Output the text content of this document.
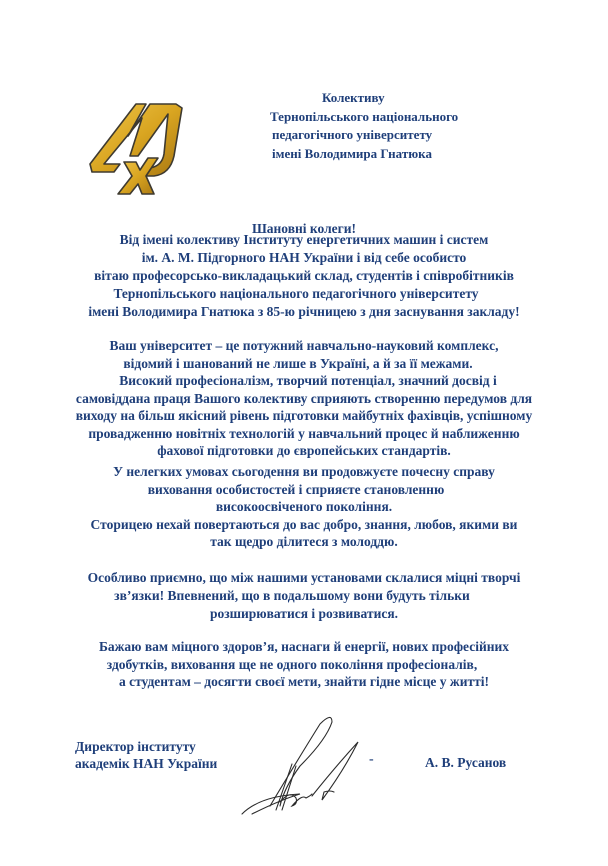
Колективу
Тернопільського національного
педагогічного університету
імені Володимира Гнатюка
Шановні колеги!
Від імені колективу Інституту енергетичних машин і систем
ім. А. М. Підгорного НАН України і від себе особисто
вітаю професорсько-викладацький склад, студентів і співробітників
Тернопільського національного педагогічного університету
імені Володимира Гнатюка з 85-ю річницею з дня заснування закладу!
Ваш університет – це потужний навчально-науковий комплекс,
відомий і шанований не лише в Україні, а й за її межами.
Високий професіоналізм, творчий потенціал, значний досвід і
самовіддана праця Вашого колективу сприяють створенню передумов для
виходу на більш якісний рівень підготовки майбутніх фахівців, успішному
провадженню новітніх технологій у навчальний процес й наближенню
фахової підготовки до європейських стандартів.
У нелегких умовах сьогодення ви продовжуєте почесну справу
виховання особистостей і сприяєте становленню
високоосвіченого покоління.
Сторицею нехай повертаються до вас добро, знання, любов, якими ви
так щедро ділитеся з молоддю.
Особливо приємно, що між нашими установами склалися міцні творчі
зв’язки! Впевнений, що в подальшому вони будуть тільки
розширюватися і розвиватися.
Бажаю вам міцного здоров’я, наснаги й енергії, нових професійних
здобутків, виховання ще не одного покоління професіоналів,
а студентам – досягти своєї мети, знайти гідне місце у житті!
Директор інституту
академік НАН України	-	А. В. Русанов
